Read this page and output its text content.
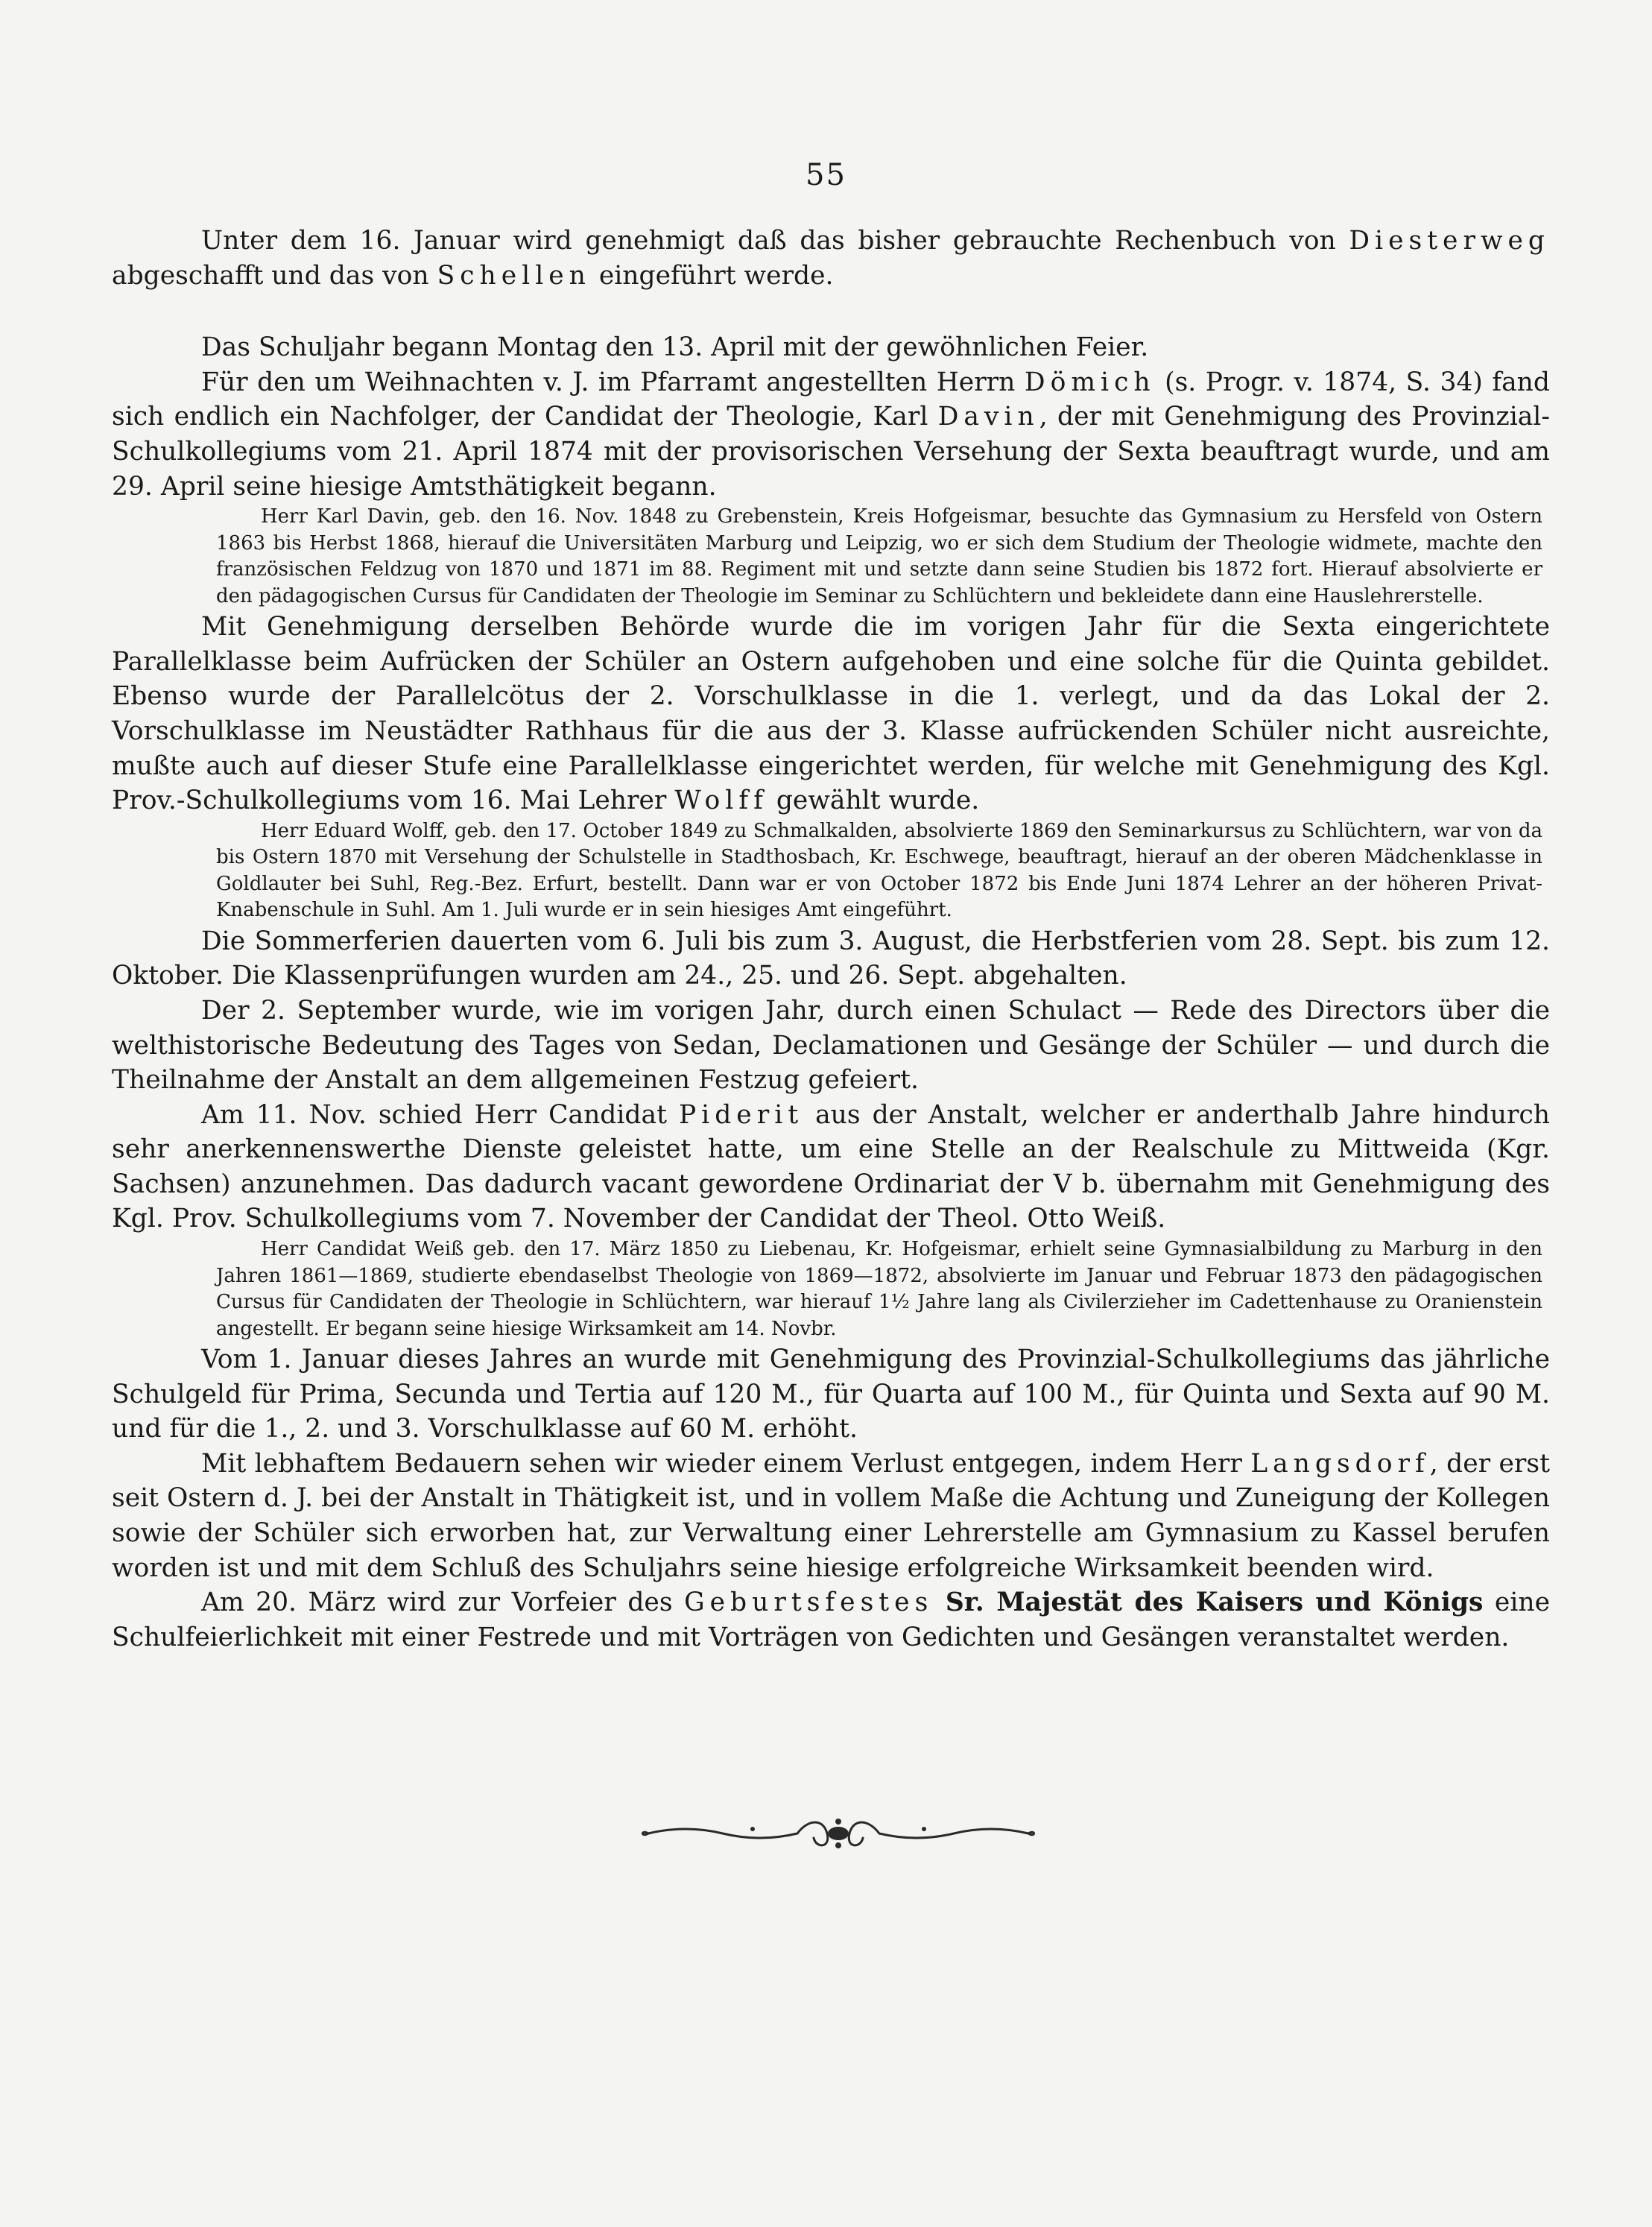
55

Unter dem 16. Januar wird genehmigt daß das bisher gebrauchte Rechenbuch von Diesterweg abgeschafft und das von Schellen eingeführt werde.

Das Schuljahr begann Montag den 13. April mit der gewöhnlichen Feier.

Für den um Weihnachten v. J. im Pfarramt angestellten Herrn Dömich (s. Progr. v. 1874, S. 34) fand sich endlich ein Nachfolger, der Candidat der Theologie, Karl Davin, der mit Genehmigung des Provinzial-Schulkollegiums vom 21. April 1874 mit der provisorischen Versehung der Sexta beauftragt wurde, und am 29. April seine hiesige Amtsthätigkeit begann.

Herr Karl Davin, geb. den 16. Nov. 1848 zu Grebenstein, Kreis Hofgeismar, besuchte das Gymnasium zu Hersfeld von Ostern 1863 bis Herbst 1868, hierauf die Universitäten Marburg und Leipzig, wo er sich dem Studium der Theologie widmete, machte den französischen Feldzug von 1870 und 1871 im 88. Regiment mit und setzte dann seine Studien bis 1872 fort. Hierauf absolvierte er den pädagogischen Cursus für Candidaten der Theologie im Seminar zu Schlüchtern und bekleidete dann eine Hauslehrerstelle.

Mit Genehmigung derselben Behörde wurde die im vorigen Jahr für die Sexta eingerichtete Parallelklasse beim Aufrücken der Schüler an Ostern aufgehoben und eine solche für die Quinta gebildet. Ebenso wurde der Parallelcötus der 2. Vorschulklasse in die 1. verlegt, und da das Lokal der 2. Vorschulklasse im Neustädter Rathhaus für die aus der 3. Klasse aufrückenden Schüler nicht ausreichte, mußte auch auf dieser Stufe eine Parallelklasse eingerichtet werden, für welche mit Genehmigung des Kgl. Prov.-Schulkollegiums vom 16. Mai Lehrer Wolff gewählt wurde.

Herr Eduard Wolff, geb. den 17. October 1849 zu Schmalkalden, absolvierte 1869 den Seminarkursus zu Schlüchtern, war von da bis Ostern 1870 mit Versehung der Schulstelle in Stadthosbach, Kr. Eschwege, beauftragt, hierauf an der oberen Mädchenklasse in Goldlauter bei Suhl, Reg.-Bez. Erfurt, bestellt. Dann war er von October 1872 bis Ende Juni 1874 Lehrer an der höheren Privat-Knabenschule in Suhl. Am 1. Juli wurde er in sein hiesiges Amt eingeführt.

Die Sommerferien dauerten vom 6. Juli bis zum 3. August, die Herbstferien vom 28. Sept. bis zum 12. Oktober. Die Klassenprüfungen wurden am 24., 25. und 26. Sept. abgehalten.

Der 2. September wurde, wie im vorigen Jahr, durch einen Schulact — Rede des Directors über die welthistorische Bedeutung des Tages von Sedan, Declamationen und Gesänge der Schüler — und durch die Theilnahme der Anstalt an dem allgemeinen Festzug gefeiert.

Am 11. Nov. schied Herr Candidat Piderit aus der Anstalt, welcher er anderthalb Jahre hindurch sehr anerkennenswerthe Dienste geleistet hatte, um eine Stelle an der Realschule zu Mittweida (Kgr. Sachsen) anzunehmen. Das dadurch vacant gewordene Ordinariat der V b. übernahm mit Genehmigung des Kgl. Prov. Schulkollegiums vom 7. November der Candidat der Theol. Otto Weiß.

Herr Candidat Weiß geb. den 17. März 1850 zu Liebenau, Kr. Hofgeismar, erhielt seine Gymnasialbildung zu Marburg in den Jahren 1861—1869, studierte ebendaselbst Theologie von 1869—1872, absolvierte im Januar und Februar 1873 den pädagogischen Cursus für Candidaten der Theologie in Schlüchtern, war hierauf 1½ Jahre lang als Civilerzieher im Cadettenhause zu Oranienstein angestellt. Er begann seine hiesige Wirksamkeit am 14. Novbr.

Vom 1. Januar dieses Jahres an wurde mit Genehmigung des Provinzial-Schulkollegiums das jährliche Schulgeld für Prima, Secunda und Tertia auf 120 M., für Quarta auf 100 M., für Quinta und Sexta auf 90 M. und für die 1., 2. und 3. Vorschulklasse auf 60 M. erhöht.

Mit lebhaftem Bedauern sehen wir wieder einem Verlust entgegen, indem Herr Langsdorf, der erst seit Ostern d. J. bei der Anstalt in Thätigkeit ist, und in vollem Maße die Achtung und Zuneigung der Kollegen sowie der Schüler sich erworben hat, zur Verwaltung einer Lehrerstelle am Gymnasium zu Kassel berufen worden ist und mit dem Schluß des Schuljahrs seine hiesige erfolgreiche Wirksamkeit beenden wird.

Am 20. März wird zur Vorfeier des Geburtsfestes Sr. Majestät des Kaisers und Königs eine Schulfeierlichkeit mit einer Festrede und mit Vorträgen von Gedichten und Gesängen veranstaltet werden.
